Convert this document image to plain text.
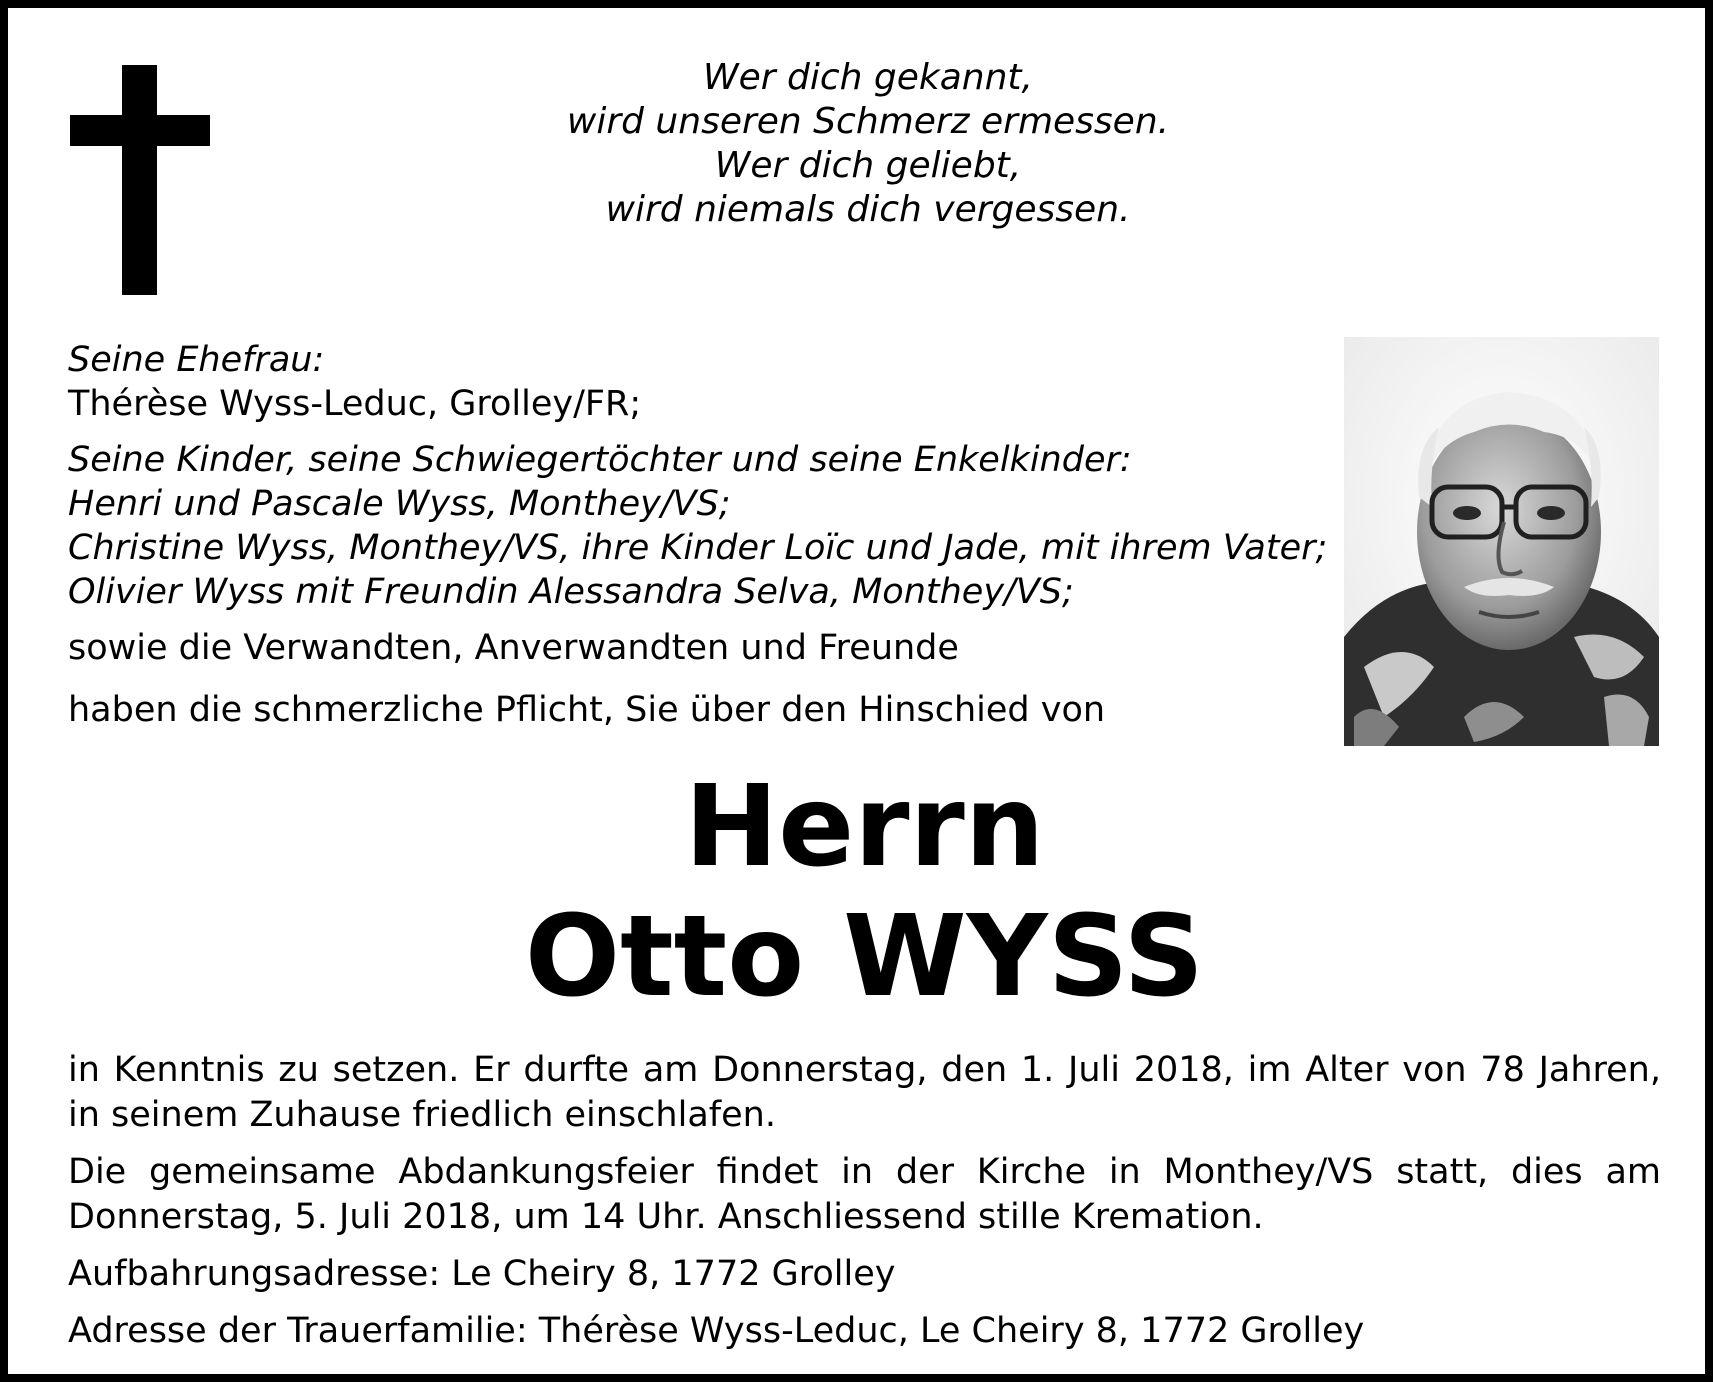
Wer dich gekannt,
wird unseren Schmerz ermessen.
Wer dich geliebt,
wird niemals dich vergessen.
Seine Ehefrau:
Thérèse Wyss-Leduc, Grolley/FR;
Seine Kinder, seine Schwiegertöchter und seine Enkelkinder:
Henri und Pascale Wyss, Monthey/VS;
Christine Wyss, Monthey/VS, ihre Kinder Loïc und Jade, mit ihrem Vater;
Olivier Wyss mit Freundin Alessandra Selva, Monthey/VS;
sowie die Verwandten, Anverwandten und Freunde
haben die schmerzliche Pflicht, Sie über den Hinschied von
Herrn
Otto WYSS

in Kenntnis zu setzen. Er durfte am Donnerstag, den 1. Juli 2018, im Alter von 78 Jahren, in seinem Zuhause friedlich einschlafen.

Die gemeinsame Abdankungsfeier findet in der Kirche in Monthey/VS statt, dies am Donnerstag, 5. Juli 2018, um 14 Uhr. Anschliessend stille Kremation.

Aufbahrungsadresse: Le Cheiry 8, 1772 Grolley

Adresse der Trauerfamilie: Thérèse Wyss-Leduc, Le Cheiry 8, 1772 Grolley
